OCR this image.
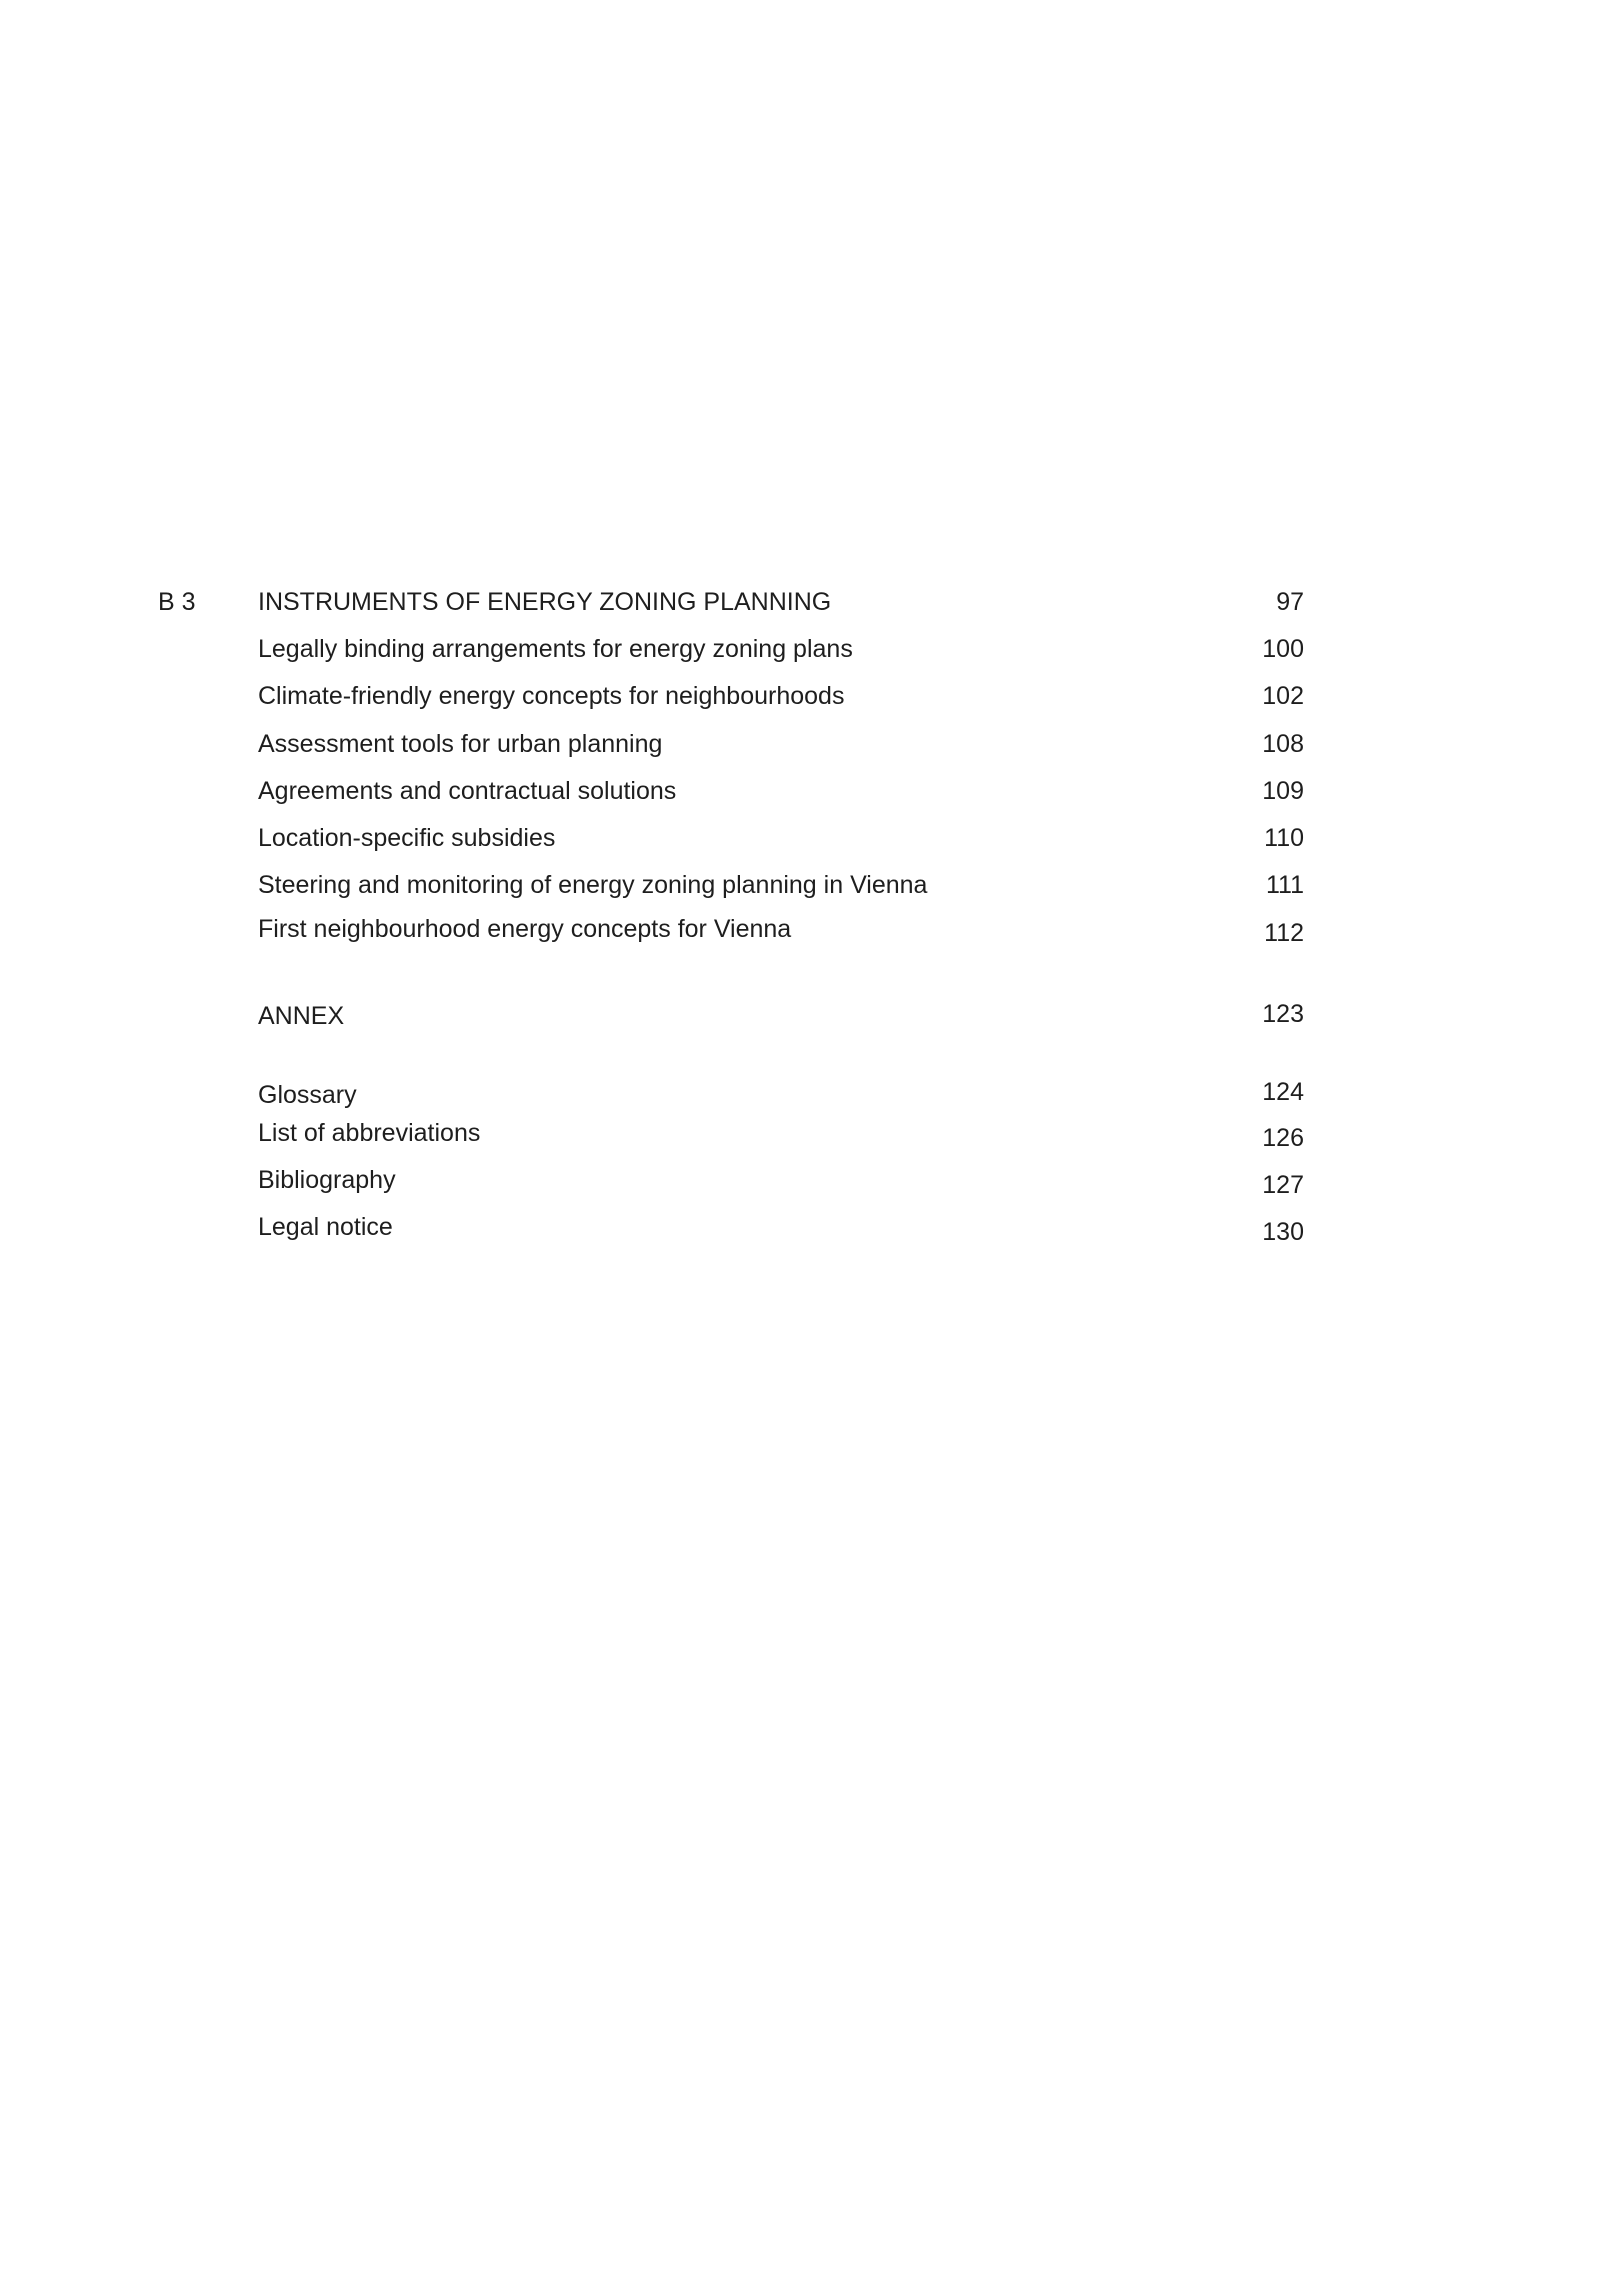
B 3 INSTRUMENTS OF ENERGY ZONING PLANNING	97
Legally binding arrangements for energy zoning plans	100
Climate-friendly energy concepts for neighbourhoods	102
Assessment tools for urban planning	108
Agreements and contractual solutions	109
Location-specific subsidies	110
Steering and monitoring of energy zoning planning in Vienna	111
First neighbourhood energy concepts for Vienna	112
ANNEX	123
Glossary	124
List of abbreviations	126
Bibliography	127
Legal notice	130
